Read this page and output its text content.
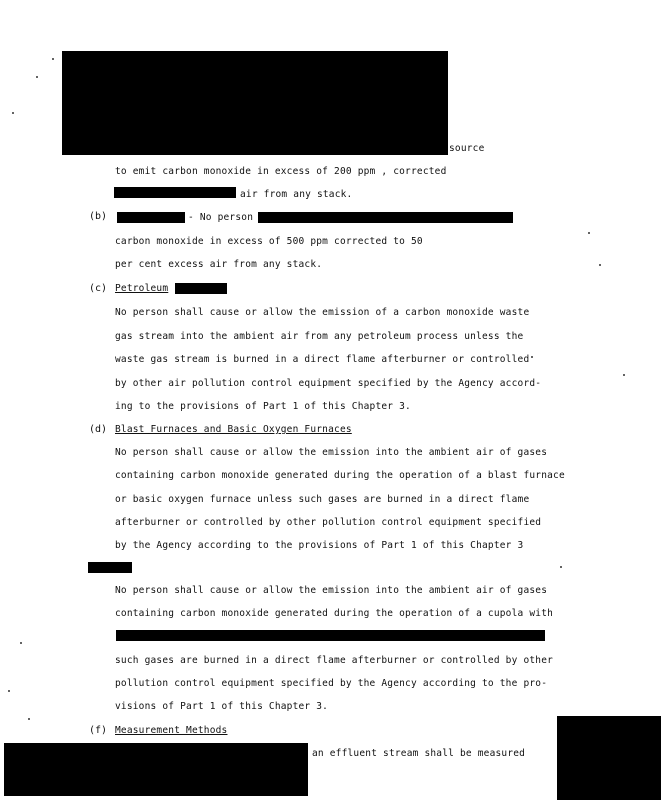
source
to emit carbon monoxide in excess of 200 ppm , corrected
air from any stack.
(b)	- No person
carbon monoxide in excess of 500 ppm corrected to 50
per cent excess air from any stack.
(c) Petroleum
No person shall cause or allow the emission of a carbon monoxide waste
gas stream into the ambient air from any petroleum process unless the
waste gas stream is burned in a direct flame afterburner or controlled
by other air pollution control equipment specified by the Agency accord-
ing to the provisions of Part 1 of this Chapter 3.
(d) Blast Furnaces and Basic Oxygen Furnaces
No person shall cause or allow the emission into the ambient air of gases
containing carbon monoxide generated during the operation of a blast furnace
or basic oxygen furnace unless such gases are burned in a direct flame
afterburner or controlled by other pollution control equipment specified
by the Agency according to the provisions of Part 1 of this Chapter 3
No person shall cause or allow the emission into the ambient air of gases
containing carbon monoxide generated during the operation of a cupola with
such gases are burned in a direct flame afterburner or controlled by other
pollution control equipment specified by the Agency according to the pro-
visions of Part 1 of this Chapter 3.
(f) Measurement Methods
an effluent stream shall be measured
